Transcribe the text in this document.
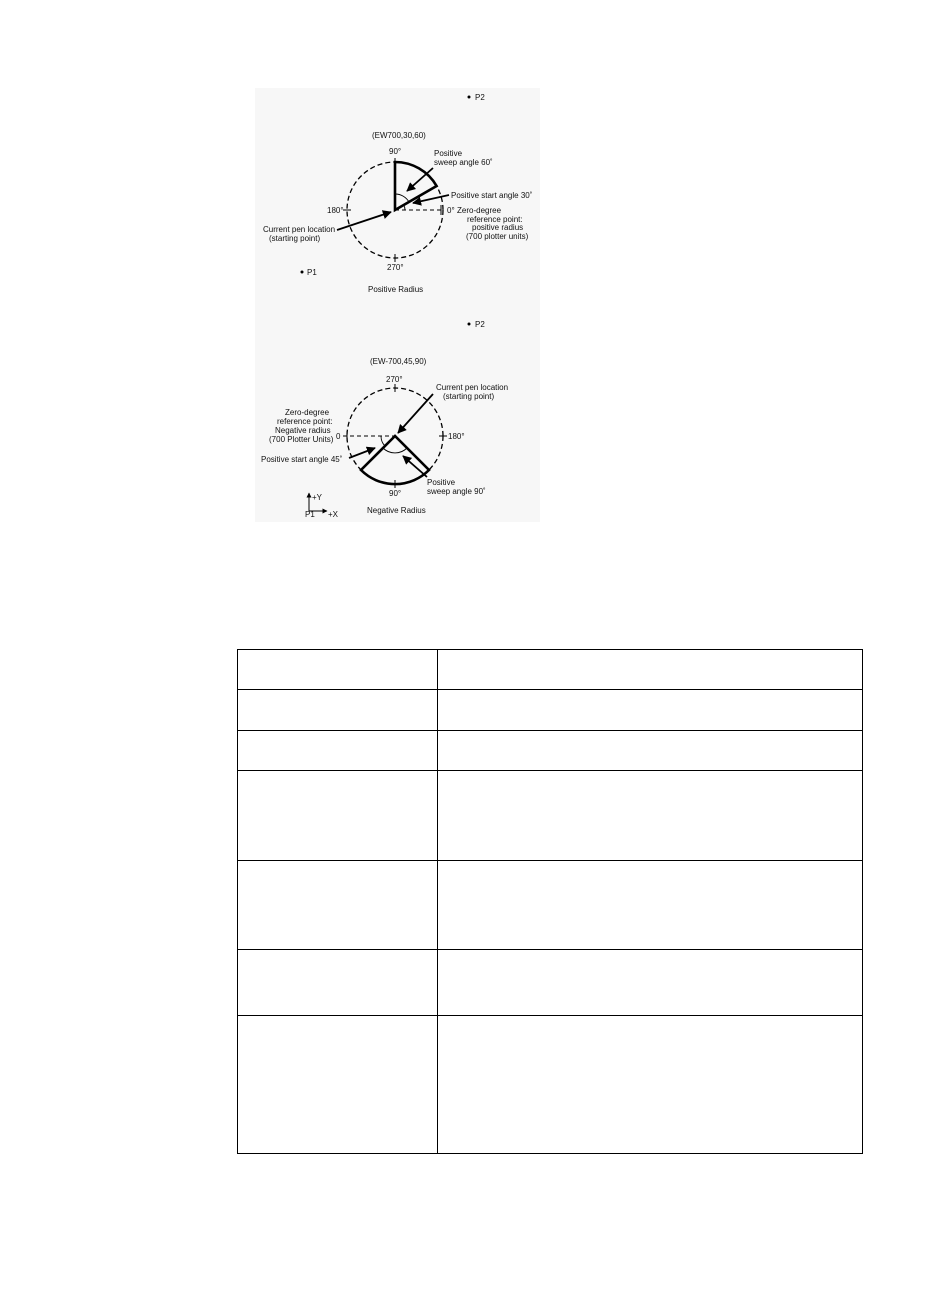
P2
(EW700,30,60)
90°
180°
270°
0°
Positive
sweep angle 60˚
Positive start angle 30˚
Zero-degree
reference point:
positive radius
(700 plotter units)
Current pen location
(starting point)
P1
Positive Radius
P2
(EW-700,45,90)
270°
180°
90°
0
Current pen location
(starting point)
Zero-degree
reference point:
Negative radius
(700 Plotter Units)
Positive start angle 45˚
Positive
sweep angle 90˚
+Y
+X
P1	Negative Radius
